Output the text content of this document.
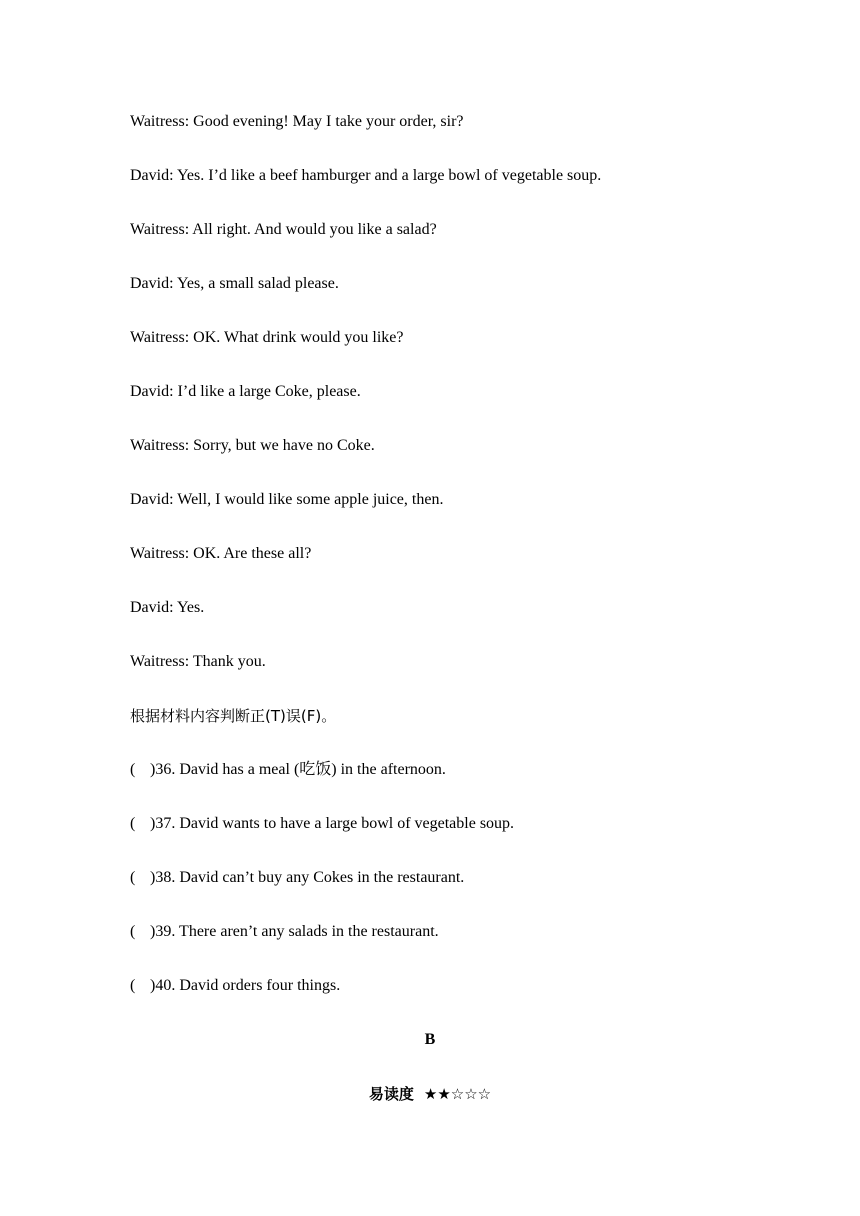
Waitress: Good evening! May I take your order, sir?
David: Yes. I’d like a beef hamburger and a large bowl of vegetable soup.
Waitress: All right. And would you like a salad?
David: Yes, a small salad please.
Waitress: OK. What drink would you like?
David: I’d like a large Coke, please.
Waitress: Sorry, but we have no Coke.
David: Well, I would like some apple juice, then.
Waitress: OK. Are these all?
David: Yes.
Waitress: Thank you.
根据材料内容判断正(T)误(F)。
( )36. David has a meal (吃饭) in the afternoon.
( )37. David wants to have a large bowl of vegetable soup.
( )38. David can’t buy any Cokes in the restaurant.
( )39. There aren’t any salads in the restaurant.
( )40. David orders four things.
B
易读度 ★★☆☆☆
